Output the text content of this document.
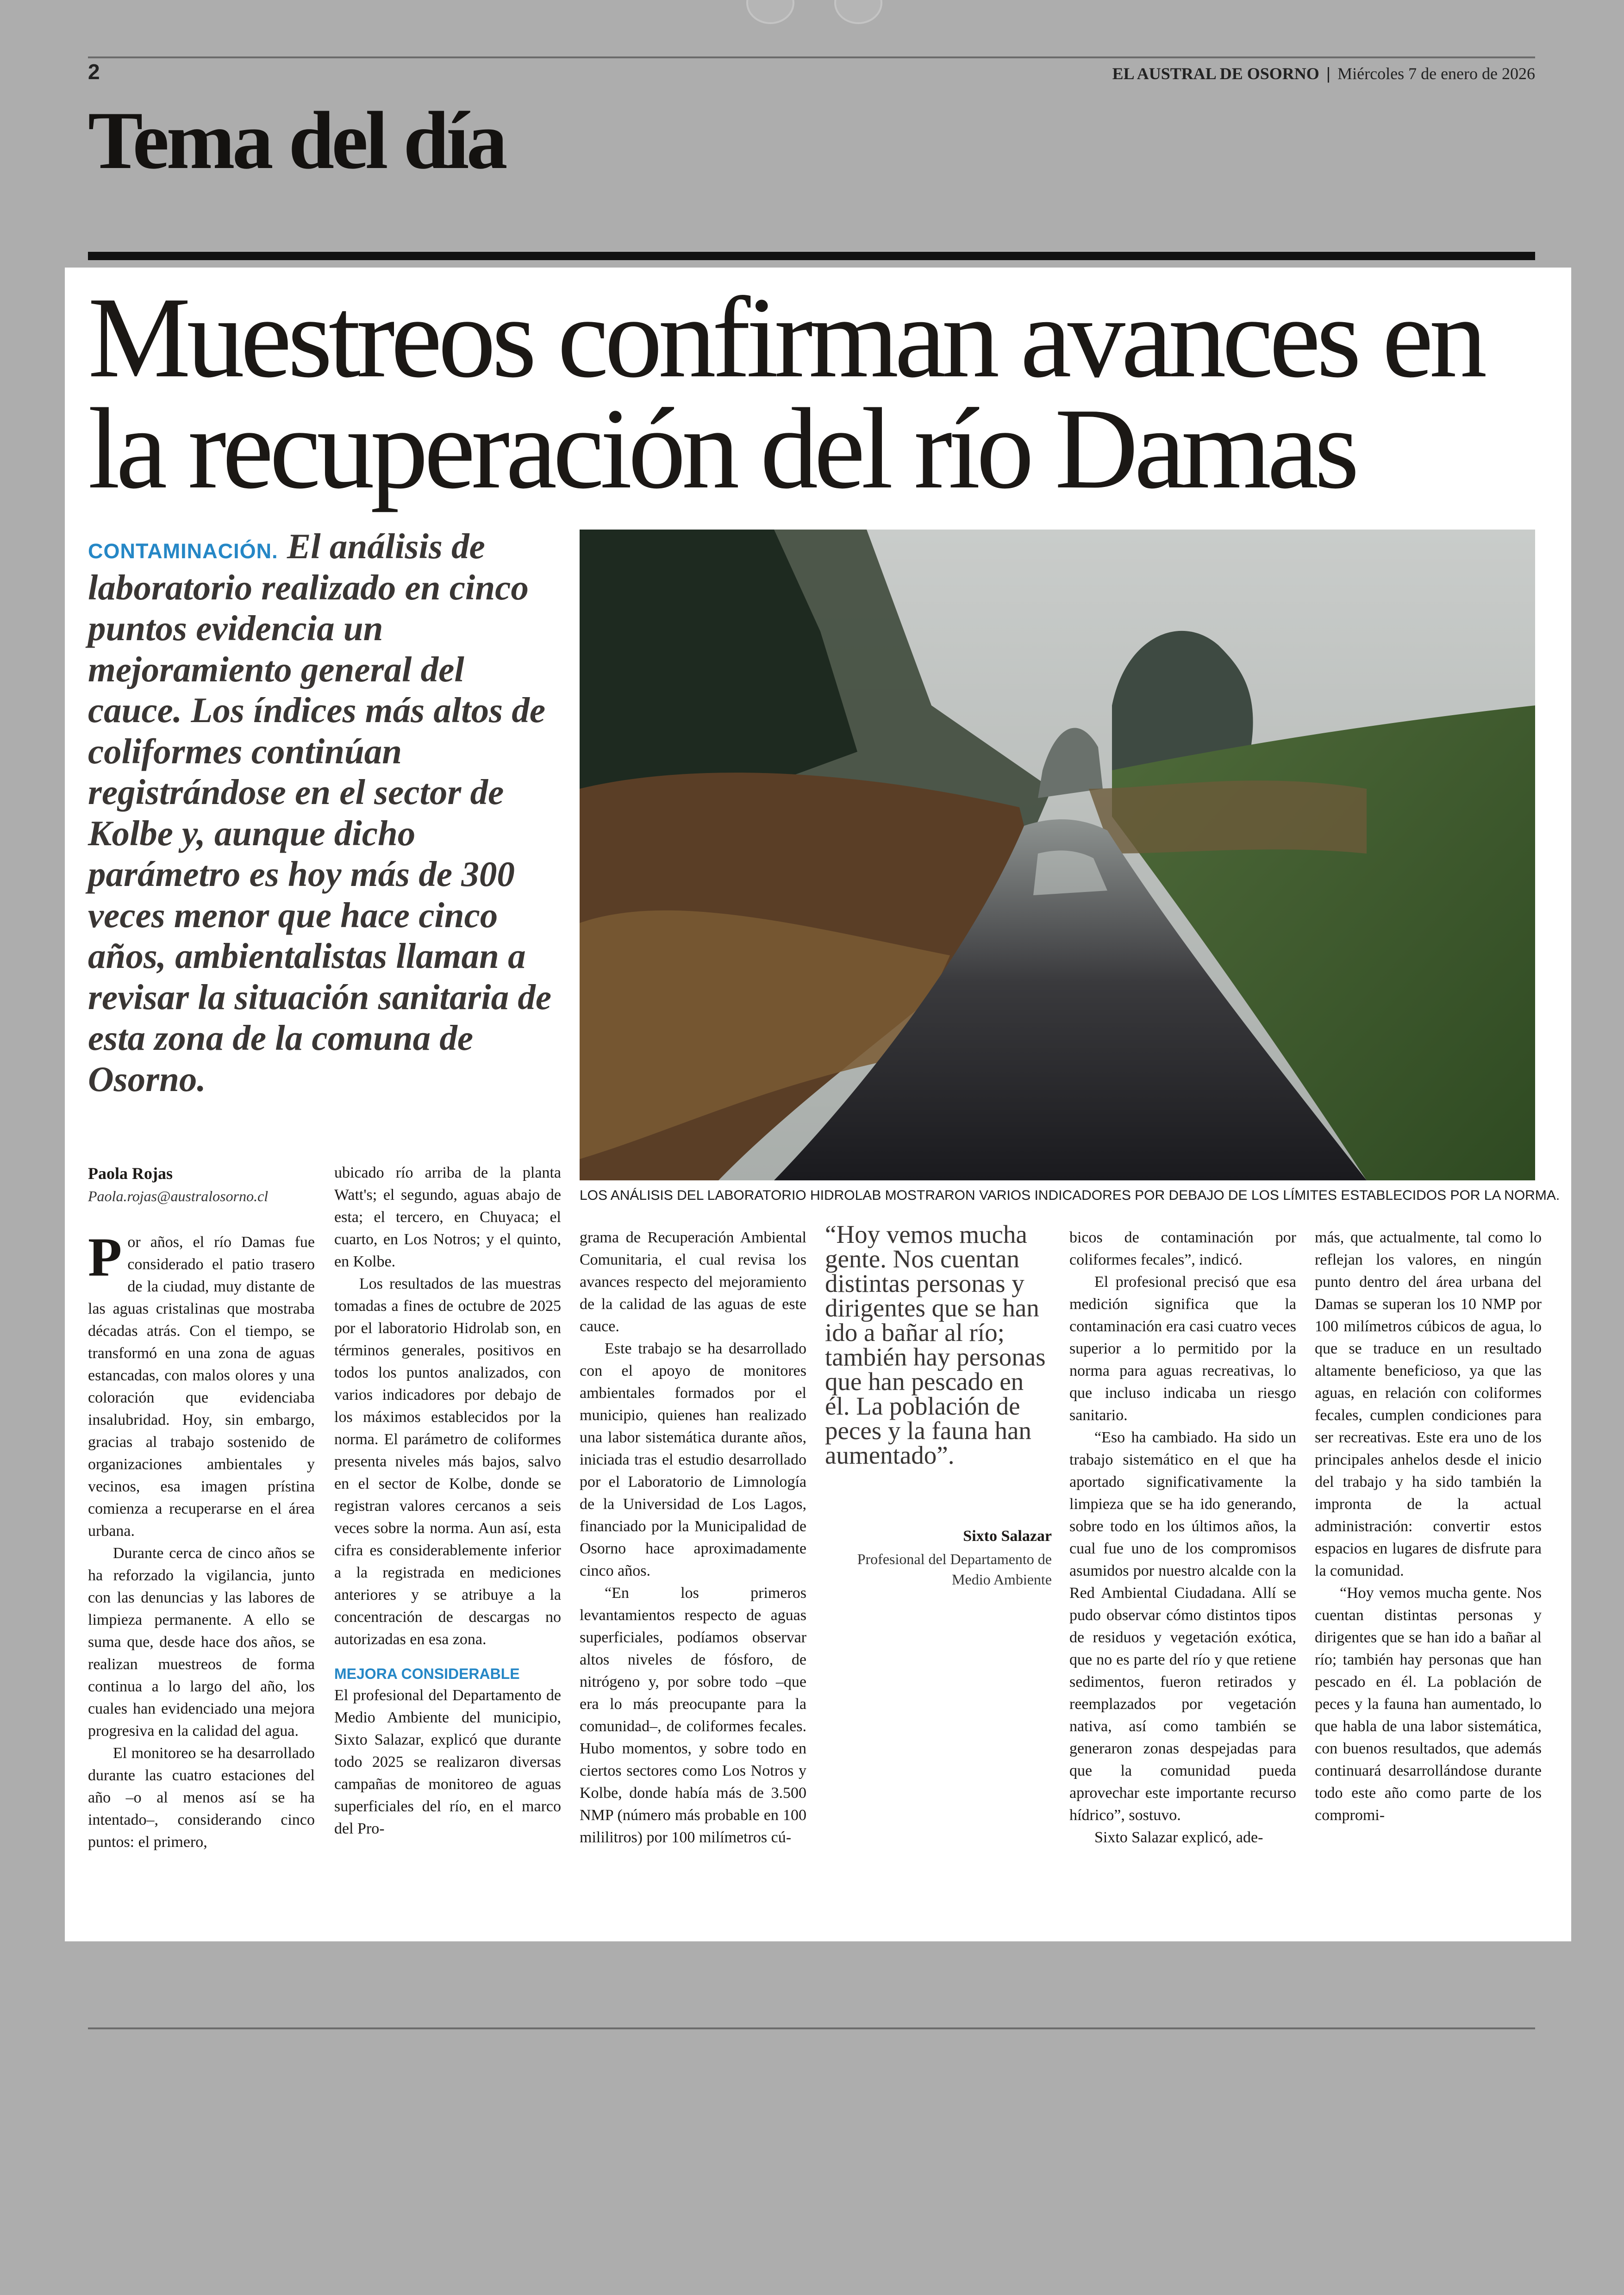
2	EL AUSTRAL DE OSORNO | Miércoles 7 de enero de 2026
Tema del día
Muestreos confirman avances en
la recuperación del río Damas

CONTAMINACIÓN. El análisis de laboratorio realizado en cinco puntos evidencia un mejoramiento general del cauce. Los índices más altos de coliformes continúan registrándose en el sector de Kolbe y, aunque dicho parámetro es hoy más de 300 veces menor que hace cinco años, ambientalistas llaman a revisar la situación sanitaria de esta zona de la comuna de Osorno.

LOS ANÁLISIS DEL LABORATORIO HIDROLAB MOSTRARON VARIOS INDICADORES POR DEBAJO DE LOS LÍMITES ESTABLECIDOS POR LA NORMA.
Paola Rojas
Paola.rojas@australosorno.cl

Por años, el río Damas fue considerado el patio trasero de la ciudad, muy distante de las aguas cristalinas que mostraba décadas atrás. Con el tiempo, se transformó en una zona de aguas estancadas, con malos olores y una coloración que evidenciaba insalubridad. Hoy, sin embargo, gracias al trabajo sostenido de organizaciones ambientales y vecinos, esa imagen prístina comienza a recuperarse en el área urbana.

Durante cerca de cinco años se ha reforzado la vigilancia, junto con las denuncias y las labores de limpieza permanente. A ello se suma que, desde hace dos años, se realizan muestreos de forma continua a lo largo del año, los cuales han evidenciado una mejora progresiva en la calidad del agua.

El monitoreo se ha desarrollado durante las cuatro estaciones del año –o al menos así se ha intentado–, considerando cinco puntos: el primero,

ubicado río arriba de la planta Watt's; el segundo, aguas abajo de esta; el tercero, en Chuyaca; el cuarto, en Los Notros; y el quinto, en Kolbe.

Los resultados de las muestras tomadas a fines de octubre de 2025 por el laboratorio Hidrolab son, en términos generales, positivos en todos los puntos analizados, con varios indicadores por debajo de los máximos establecidos por la norma. El parámetro de coliformes presenta niveles más bajos, salvo en el sector de Kolbe, donde se registran valores cercanos a seis veces sobre la norma. Aun así, esta cifra es considerablemente inferior a la registrada en mediciones anteriores y se atribuye a la concentración de descargas no autorizadas en esa zona.

MEJORA CONSIDERABLE

El profesional del Departamento de Medio Ambiente del municipio, Sixto Salazar, explicó que durante todo 2025 se realizaron diversas campañas de monitoreo de aguas superficiales del río, en el marco del Pro-

grama de Recuperación Ambiental Comunitaria, el cual revisa los avances respecto del mejoramiento de la calidad de las aguas de este cauce.

Este trabajo se ha desarrollado con el apoyo de monitores ambientales formados por el municipio, quienes han realizado una labor sistemática durante años, iniciada tras el estudio desarrollado por el Laboratorio de Limnología de la Universidad de Los Lagos, financiado por la Municipalidad de Osorno hace aproximadamente cinco años.

“En los primeros levantamientos respecto de aguas superficiales, podíamos observar altos niveles de fósforo, de nitrógeno y, por sobre todo –que era lo más preocupante para la comunidad–, de coliformes fecales. Hubo momentos, y sobre todo en ciertos sectores como Los Notros y Kolbe, donde había más de 3.500 NMP (número más probable en 100 mililitros) por 100 milímetros cú-

“Hoy vemos mucha gente. Nos cuentan distintas personas y dirigentes que se han ido a bañar al río; también hay personas que han pescado en él. La población de peces y la fauna han aumentado”.

Sixto Salazar
Profesional del Departamento de Medio Ambiente

bicos de contaminación por coliformes fecales”, indicó.

El profesional precisó que esa medición significa que la contaminación era casi cuatro veces superior a lo permitido por la norma para aguas recreativas, lo que incluso indicaba un riesgo sanitario.

“Eso ha cambiado. Ha sido un trabajo sistemático en el que ha aportado significativamente la limpieza que se ha ido generando, sobre todo en los últimos años, la cual fue uno de los compromisos asumidos por nuestro alcalde con la Red Ambiental Ciudadana. Allí se pudo observar cómo distintos tipos de residuos y vegetación exótica, que no es parte del río y que retiene sedimentos, fueron retirados y reemplazados por vegetación nativa, así como también se generaron zonas despejadas para que la comunidad pueda aprovechar este importante recurso hídrico”, sostuvo.

Sixto Salazar explicó, ade-

más, que actualmente, tal como lo reflejan los valores, en ningún punto dentro del área urbana del Damas se superan los 10 NMP por 100 milímetros cúbicos de agua, lo que se traduce en un resultado altamente beneficioso, ya que las aguas, en relación con coliformes fecales, cumplen condiciones para ser recreativas. Este era uno de los principales anhelos desde el inicio del trabajo y ha sido también la impronta de la actual administración: convertir estos espacios en lugares de disfrute para la comunidad.

“Hoy vemos mucha gente. Nos cuentan distintas personas y dirigentes que se han ido a bañar al río; también hay personas que han pescado en él. La población de peces y la fauna han aumentado, lo que habla de una labor sistemática, con buenos resultados, que además continuará desarrollándose durante todo este año como parte de los compromi-
